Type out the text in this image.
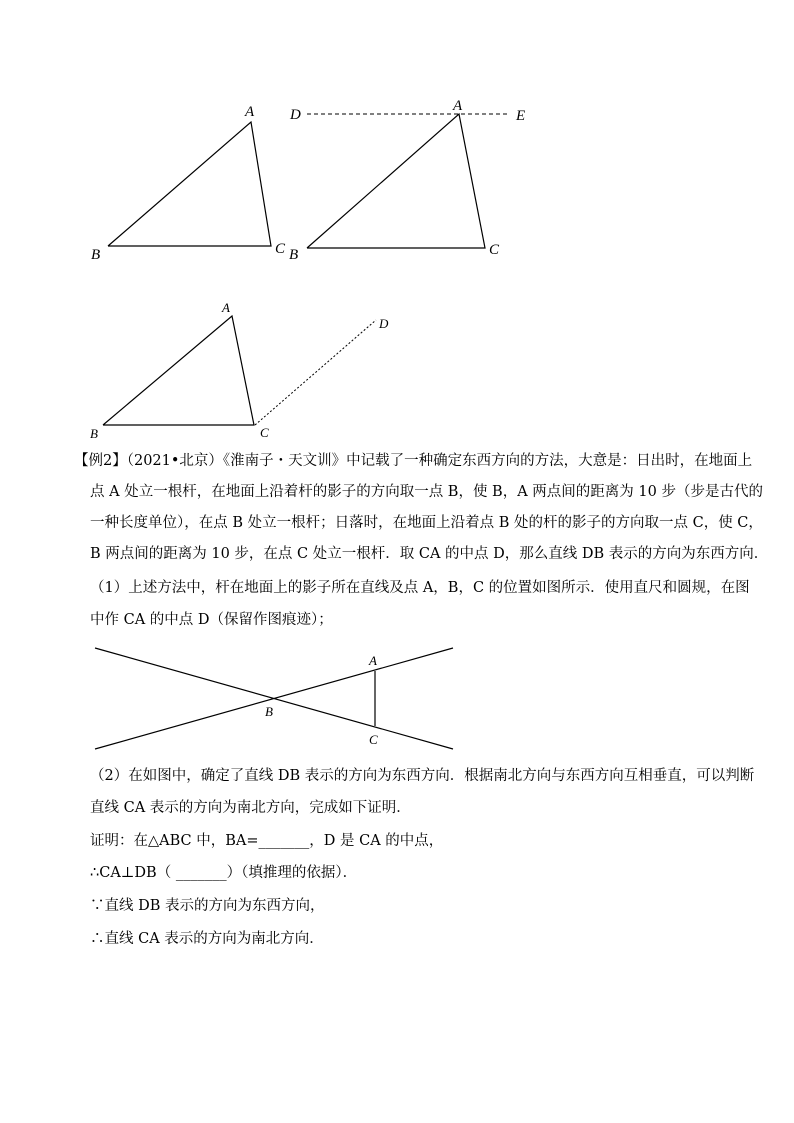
A
B	C
D
A
E
B	C
A
B	C
D
【例2】（2021•北京）《淮南子・天文训》中记载了一种确定东西方向的方法，大意是：日出时，在地面上
点 A 处立一根杆，在地面上沿着杆的影子的方向取一点 B，使 B，A 两点间的距离为 10 步（步是古代的
一种长度单位），在点 B 处立一根杆；日落时，在地面上沿着点 B 处的杆的影子的方向取一点 C，使 C，
B 两点间的距离为 10 步，在点 C 处立一根杆．取 CA 的中点 D，那么直线 DB 表示的方向为东西方向．
（1）上述方法中，杆在地面上的影子所在直线及点 A，B，C 的位置如图所示．使用直尺和圆规，在图
中作 CA 的中点 D（保留作图痕迹）；
A
B
C
（2）在如图中，确定了直线 DB 表示的方向为东西方向．根据南北方向与东西方向互相垂直，可以判断
直线 CA 表示的方向为南北方向，完成如下证明．
证明：在△ABC 中，BA=_______，D 是 CA 的中点，
∴CA⊥DB（ _______）（填推理的依据）．
∵直线 DB 表示的方向为东西方向，
∴直线 CA 表示的方向为南北方向．
